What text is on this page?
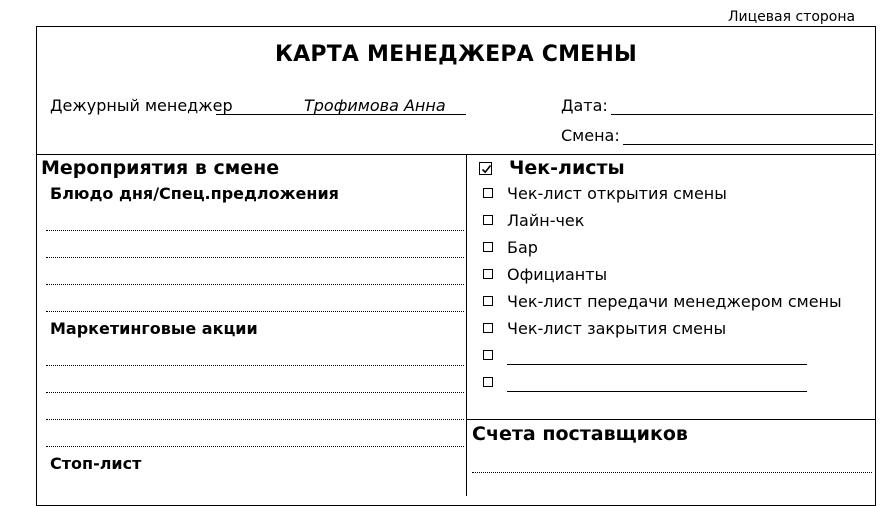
Лицевая сторона
КАРТА МЕНЕДЖЕРА СМЕНЫ
Дежурный менеджер	Трофимова Анна	Дата:
Смена:
Мероприятия в смене
Блюдо дня/Спец.предложения
Маркетинговые акции
Стоп-лист
Чек-листы
Чек-лист открытия смены
Лайн-чек
Бар
Официанты
Чек-лист передачи менеджером смены
Чек-лист закрытия смены
Счета поставщиков
